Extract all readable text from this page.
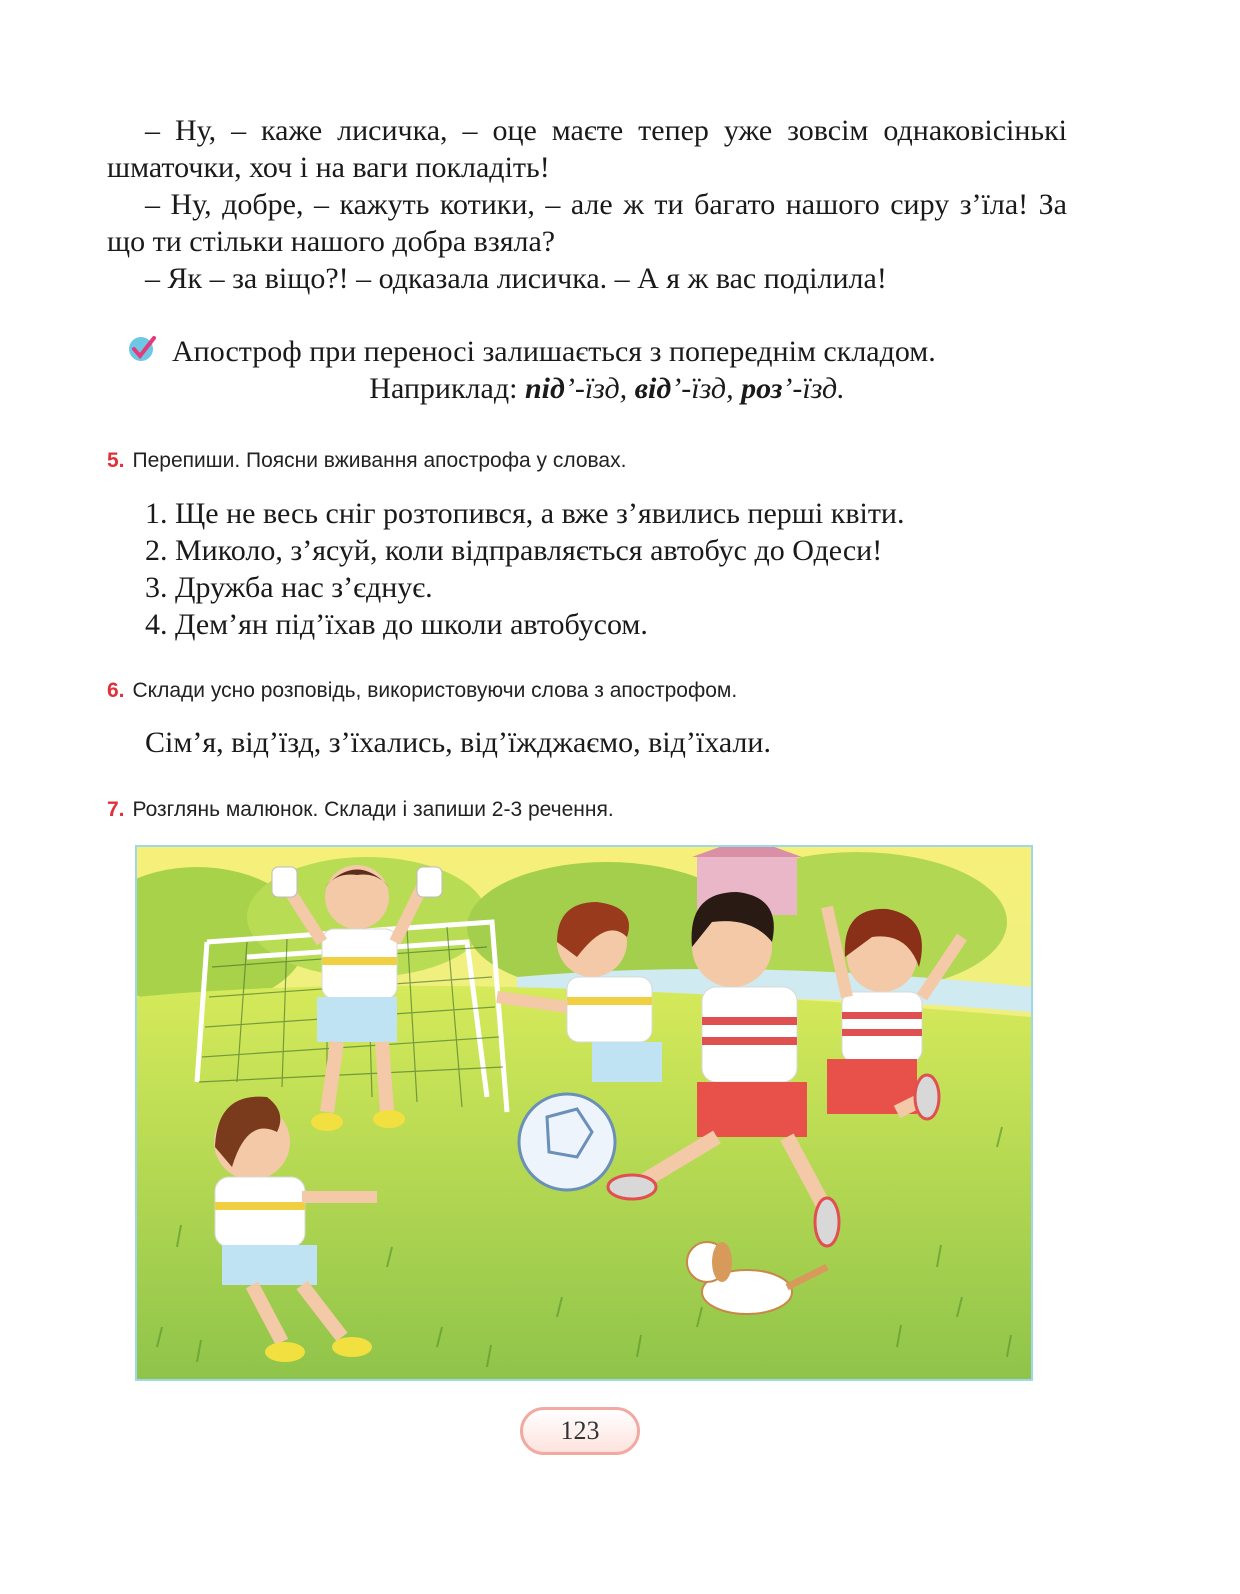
– Ну, – каже лисичка, – оце маєте тепер уже зовсім однаковісінькі шматочки, хоч і на ваги покладіть!

– Ну, добре, – кажуть котики, – але ж ти багато нашого сиру з’їла! За що ти стільки нашого добра взяла?

– Як – за віщо?! – одказала лисичка. – А я ж вас поділила!

Апостроф при переносі залишається з попереднім складом.
Наприклад: під’-їзд, від’-їзд, роз’-їзд.
5. Перепиши. Поясни вживання апострофа у словах.
1. Ще не весь сніг розтопився, а вже з’явились перші квіти.
2. Миколо, з’ясуй, коли відправляється автобус до Одеси!
3. Дружба нас з’єднує.
4. Дем’ян під’їхав до школи автобусом.
6. Склади усно розповідь, використовуючи слова з апострофом.
Сім’я, від’їзд, з’їхались, від’їжджаємо, від’їхали.
7. Розглянь малюнок. Склади і запиши 2-3 речення.
123
